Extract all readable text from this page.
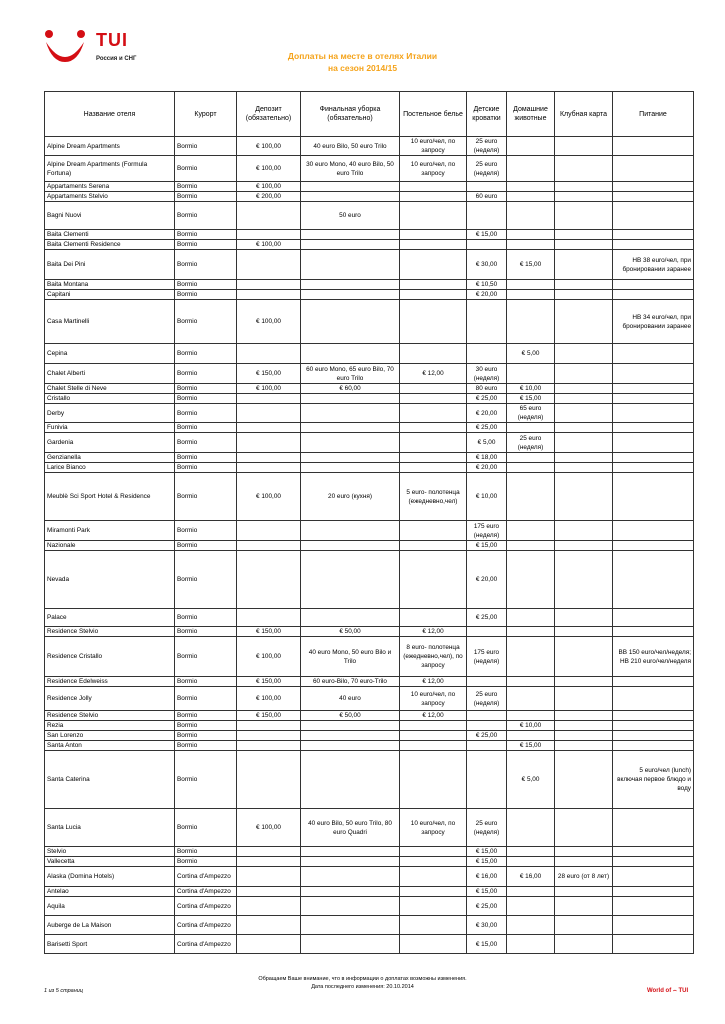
TUI
Россия и СНГ	Доплаты на месте в отелях Италии
на сезон 2014/15
Название отеля	Курорт	Депозит (обязательно)	Финальная уборка (обязательно)	Постельное белье	Детские кроватки	Домашние животные	Клубная карта	Питание
Alpine Dream Apartments	Bormio	€ 100,00	40 euro Bilo, 50 euro Trilo	10 euro/чел, по запросу	25 euro (неделя)			
Alpine Dream Apartments (Formula Fortuna)	Bormio	€ 100,00	30 euro Mono, 40 euro Bilo, 50 euro Trilo	10 euro/чел, по запросу	25 euro (неделя)			
Appartaments Serena	Bormio	€ 100,00						
Appartaments Stelvio	Bormio	€ 200,00			60 euro			
Bagni Nuovi	Bormio		50 euro					
Baita Clementi	Bormio				€ 15,00			
Baita Clementi Residence	Bormio	€ 100,00						
Baita Dei Pini	Bormio				€ 30,00	€ 15,00		HB 38 euro/чел, при бронировании заранее
Baita Montana	Bormio				€ 10,50			
Capitani	Bormio				€ 20,00			
Casa Martinelli	Bormio	€ 100,00						HB 34 euro/чел, при бронировании заранее
Cepina	Bormio					€ 5,00		
Chalet Alberti	Bormio	€ 150,00	60 euro Mono, 65 euro Bilo, 70 euro Trilo	€ 12,00	30 euro (неделя)			
Chalet Stelle di Neve	Bormio	€ 100,00	€ 60,00		80 euro	€ 10,00		
Cristallo	Bormio				€ 25,00	€ 15,00		
Derby	Bormio				€ 20,00	65 euro (неделя)		
Funivia	Bormio				€ 25,00			
Gardenia	Bormio				€ 5,00	25 euro (неделя)		
Genzianella	Bormio				€ 18,00			
Larice Bianco	Bormio				€ 20,00			
Meublè Sci Sport Hotel & Residence	Bormio	€ 100,00	20 euro (кухня)	5 euro- полотенца (ежедневно,чел)	€ 10,00			
Miramonti Park	Bormio				175 euro (неделя)			
Nazionale	Bormio				€ 15,00			
Nevada	Bormio				€ 20,00			
Palace	Bormio				€ 25,00			
Residence Stelvio	Bormio	€ 150,00	€ 50,00	€ 12,00				
Residence Cristallo	Bormio	€ 100,00	40 euro Mono, 50 euro Bilo и Trilo	8 euro- полотенца (ежедневно,чел), по запросу	175 euro (неделя)			BB 150 euro/чел/неделя; HB 210 euro/чел/неделя
Residence Edelweiss	Bormio	€ 150,00	60 euro-Bilo, 70 euro-Trilo	€ 12,00				
Residence Jolly	Bormio	€ 100,00	40 euro	10 euro/чел, по запросу	25 euro (неделя)			
Residence Stelvio	Bormio	€ 150,00	€ 50,00	€ 12,00				
Rezia	Bormio					€ 10,00		
San Lorenzo	Bormio				€ 25,00			
Santa Anton	Bormio					€ 15,00		
Santa Caterina	Bormio					€ 5,00		5 euro/чел (lunch) включая первое блюдо и воду
Santa Lucia	Bormio	€ 100,00	40 euro Bilo, 50 euro Trilo, 80 euro Quadri	10 euro/чел, по запросу	25 euro (неделя)			
Stelvio	Bormio				€ 15,00			
Vallecetta	Bormio				€ 15,00			
Alaska (Domina Hotels)	Cortina d'Ampezzo				€ 16,00	€ 16,00	28 euro (от 8 лет)	
Antelao	Cortina d'Ampezzo				€ 15,00			
Aquila	Cortina d'Ampezzo				€ 25,00			
Auberge de La Maison	Cortina d'Ampezzo				€ 30,00			
Barisetti Sport	Cortina d'Ampezzo				€ 15,00			
Обращаем Ваше внимание, что в информации о доплатах возможны изменения.
Дата последнего изменения: 20.10.2014
1 из 5 страниц	World of ⌢ TUI
